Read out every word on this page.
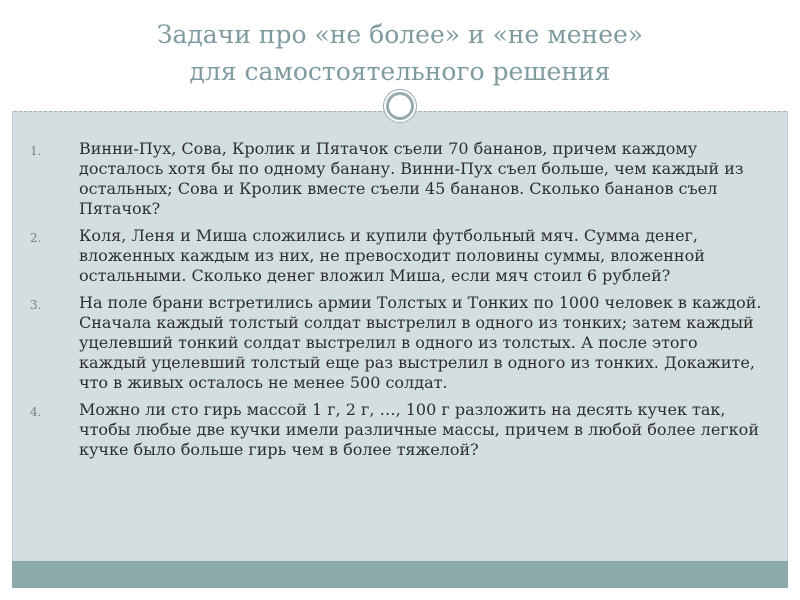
Задачи про «не более» и «не менее»
для самостоятельного решения
1. Винни-Пух, Сова, Кролик и Пятачок съели 70 бананов, причем каждому досталось хотя бы по одному банану. Винни-Пух съел больше, чем каждый из остальных; Сова и Кролик вместе съели 45 бананов. Сколько бананов съел Пятачок?
2. Коля, Леня и Миша сложились и купили футбольный мяч. Сумма денег, вложенных каждым из них, не превосходит половины суммы, вложенной остальными. Сколько денег вложил Миша, если мяч стоил 6 рублей?
3. На поле брани встретились армии Толстых и Тонких по 1000 человек в каждой. Сначала каждый толстый солдат выстрелил в одного из тонких; затем каждый уцелевший тонкий солдат выстрелил в одного из толстых. А после этого каждый уцелевший толстый еще раз выстрелил в одного из тонких. Докажите, что в живых осталось не менее 500 солдат.
4. Можно ли сто гирь массой 1 г, 2 г, …, 100 г разложить на десять кучек так, чтобы любые две кучки имели различные массы, причем в любой более легкой кучке было больше гирь чем в более тяжелой?
